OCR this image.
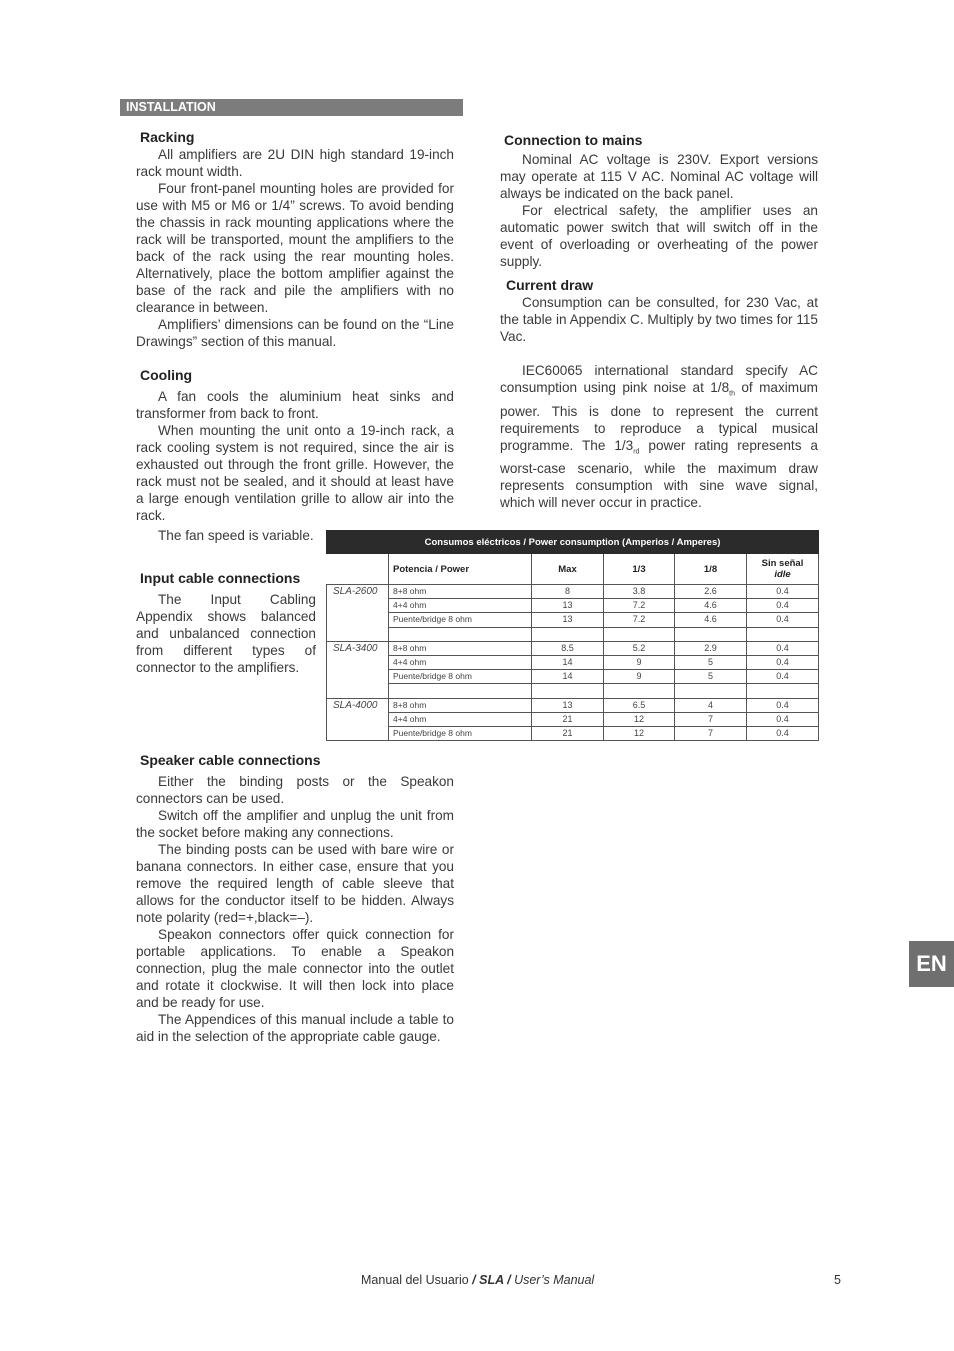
INSTALLATION
Racking

All amplifiers are 2U DIN high standard 19-inch rack mount width.

Four front-panel mounting holes are provided for use with M5 or M6 or 1/4” screws. To avoid bending the chassis in rack mounting applications where the rack will be transported, mount the amplifiers to the back of the rack using the rear mounting holes. Alternatively, place the bottom amplifier against the base of the rack and pile the amplifiers with no clearance in between.

Amplifiers’ dimensions can be found on the “Line Drawings” section of this manual.

Cooling

A fan cools the aluminium heat sinks and transformer from back to front.

When mounting the unit onto a 19-inch rack, a rack cooling system is not required, since the air is exhausted out through the front grille. However, the rack must not be sealed, and it should at least have a large enough ventilation grille to allow air into the rack.

The fan speed is variable.

Input cable connections

The Input Cabling Appendix shows balanced and unbalanced connection from different types of connector to the amplifiers.

Speaker cable connections

Either the binding posts or the Speakon connectors can be used.

Switch off the amplifier and unplug the unit from the socket before making any connections.

The binding posts can be used with bare wire or banana connectors. In either case, ensure that you remove the required length of cable sleeve that allows for the conductor itself to be hidden. Always note polarity (red=+,black=–).

Speakon connectors offer quick connection for portable applications. To enable a Speakon connection, plug the male connector into the outlet and rotate it clockwise. It will then lock into place and be ready for use.

The Appendices of this manual include a table to aid in the selection of the appropriate cable gauge.

Connection to mains

Nominal AC voltage is 230V. Export versions may operate at 115 V AC. Nominal AC voltage will always be indicated on the back panel.

For electrical safety, the amplifier uses an automatic power switch that will switch off in the event of overloading or overheating of the power supply.

Current draw

Consumption can be consulted, for 230 Vac, at the table in Appendix C. Multiply by two times for 115 Vac.

IEC60065 international standard specify AC consumption using pink noise at $1/8_{th}$ of maximum power. This is done to represent the current requirements to reproduce a typical musical programme. The $1/3_{rd}$ power rating represents a worst-case scenario, while the maximum draw represents consumption with sine wave signal, which will never occur in practice.

Consumos eléctricos / Power consumption (Amperios / Amperes)					
	Potencia / Power	Max	1/3	1/8	Sin señal
idle
SLA-2600	8+8 ohm	8	3.8	2.6	0.4
	4+4 ohm	13	7.2	4.6	0.4
	Puente/bridge 8 ohm	13	7.2	4.6	0.4

SLA-3400	8+8 ohm	8.5	5.2	2.9	0.4
	4+4 ohm	14	9	5	0.4
	Puente/bridge 8 ohm	14	9	5	0.4

SLA-4000	8+8 ohm	13	6.5	4	0.4
	4+4 ohm	21	12	7	0.4
	Puente/bridge 8 ohm	21	12	7	0.4
Manual del Usuario / SLA / User’s Manual	5
EN
